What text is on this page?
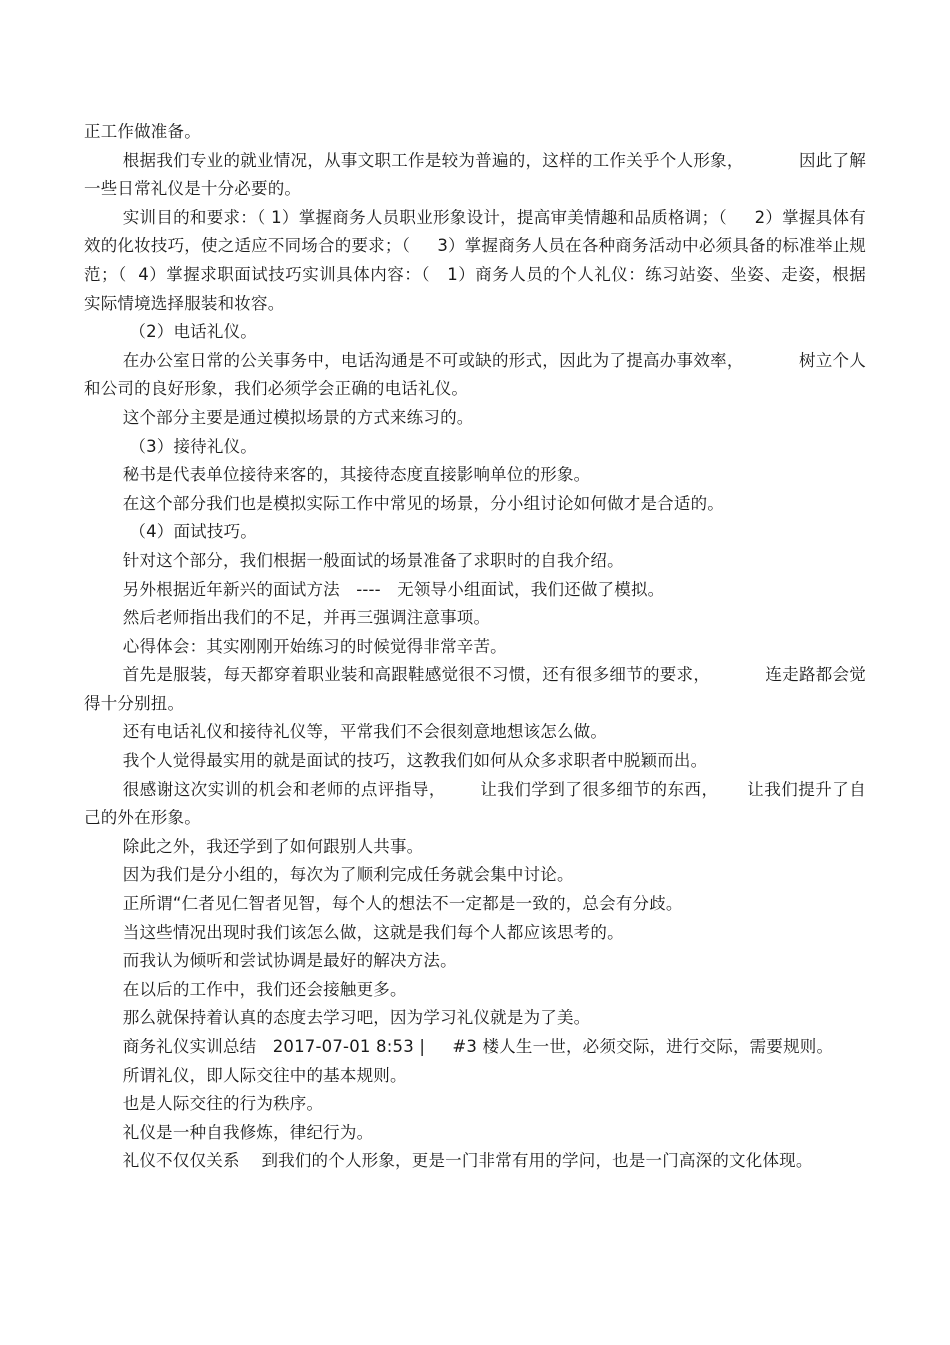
正工作做准备。

根据我们专业的就业情况，从事文职工作是较为普遍的，这样的工作关乎个人形象，          因此了解一些日常礼仪是十分必要的。

实训目的和要求：（ 1）掌握商务人员职业形象设计，提高审美情趣和品质格调；（     2）掌握具体有效的化妆技巧，使之适应不同场合的要求；（     3）掌握商务人员在各种商务活动中必须具备的标准举止规范；（  4）掌握求职面试技巧实训具体内容：（   1）商务人员的个人礼仪：练习站姿、坐姿、走姿，根据实际情境选择服装和妆容。

（2）电话礼仪。

在办公室日常的公关事务中，电话沟通是不可或缺的形式，因此为了提高办事效率，          树立个人和公司的良好形象，我们必须学会正确的电话礼仪。

这个部分主要是通过模拟场景的方式来练习的。

（3）接待礼仪。

秘书是代表单位接待来客的，其接待态度直接影响单位的形象。

在这个部分我们也是模拟实际工作中常见的场景，分小组讨论如何做才是合适的。

（4）面试技巧。

针对这个部分，我们根据一般面试的场景准备了求职时的自我介绍。

另外根据近年新兴的面试方法   ----   无领导小组面试，我们还做了模拟。

然后老师指出我们的不足，并再三强调注意事项。

心得体会：其实刚刚开始练习的时候觉得非常辛苦。

首先是服装，每天都穿着职业装和高跟鞋感觉很不习惯，还有很多细节的要求，          连走路都会觉得十分别扭。

还有电话礼仪和接待礼仪等，平常我们不会很刻意地想该怎么做。

我个人觉得最实用的就是面试的技巧，这教我们如何从众多求职者中脱颖而出。

很感谢这次实训的机会和老师的点评指导，      让我们学到了很多细节的东西，     让我们提升了自己的外在形象。

除此之外，我还学到了如何跟别人共事。

因为我们是分小组的，每次为了顺利完成任务就会集中讨论。

正所谓“仁者见仁智者见智，每个人的想法不一定都是一致的，总会有分歧。

当这些情况出现时我们该怎么做，这就是我们每个人都应该思考的。

而我认为倾听和尝试协调是最好的解决方法。

在以后的工作中，我们还会接触更多。

那么就保持着认真的态度去学习吧，因为学习礼仪就是为了美。

商务礼仪实训总结   2017-07-01 8:53 |     #3 楼人生一世，必须交际，进行交际，需要规则。

所谓礼仪，即人际交往中的基本规则。

也是人际交往的行为秩序。

礼仪是一种自我修炼，律纪行为。

礼仪不仅仅关系    到我们的个人形象，更是一门非常有用的学问，也是一门高深的文化体现。
